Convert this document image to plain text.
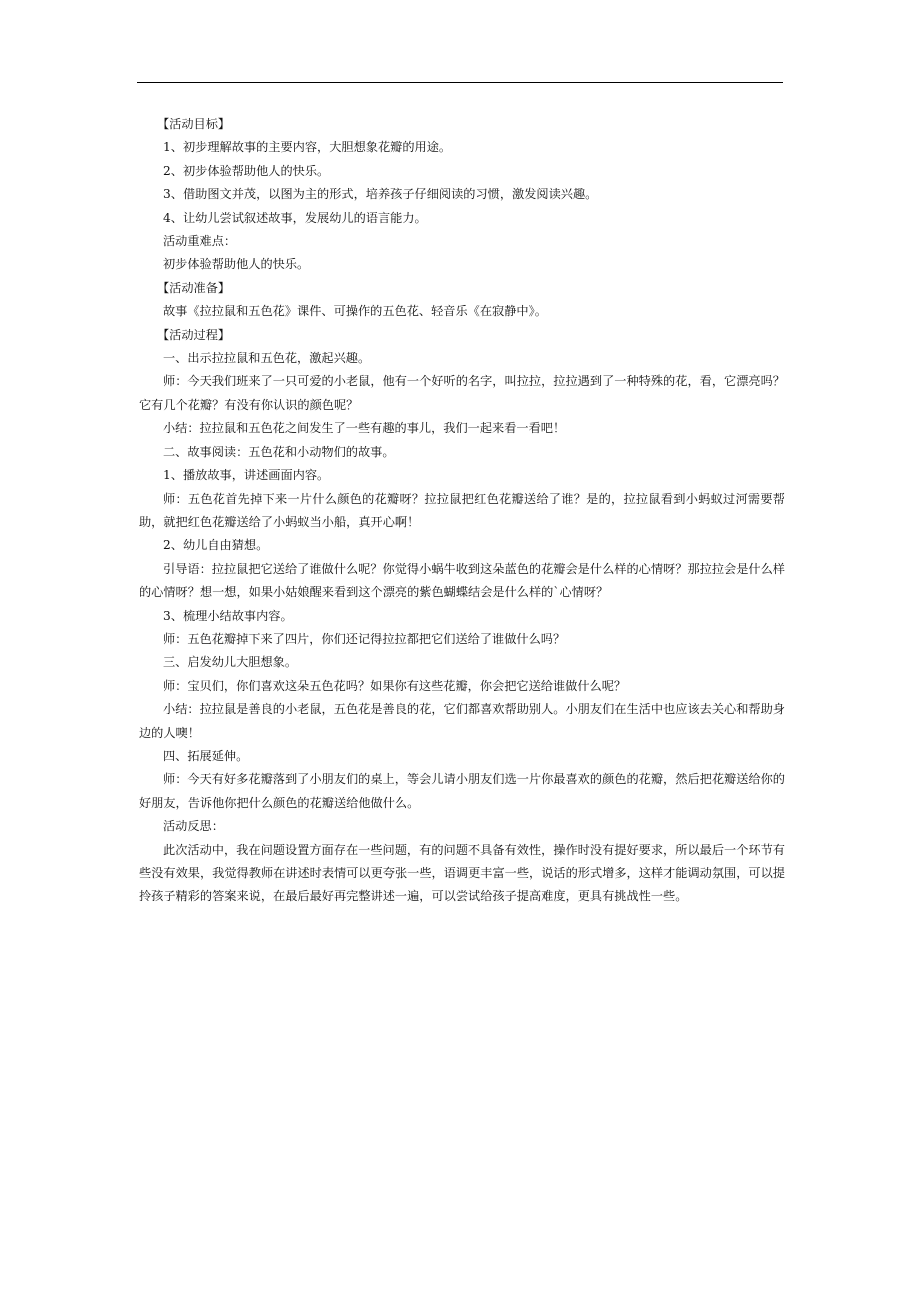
【活动目标】

1、初步理解故事的主要内容，大胆想象花瓣的用途。

2、初步体验帮助他人的快乐。

3、借助图文并茂，以图为主的形式，培养孩子仔细阅读的习惯，激发阅读兴趣。

4、让幼儿尝试叙述故事，发展幼儿的语言能力。

活动重难点：

初步体验帮助他人的快乐。

【活动准备】

故事《拉拉鼠和五色花》课件、可操作的五色花、轻音乐《在寂静中》。

【活动过程】

一、出示拉拉鼠和五色花，激起兴趣。

师：今天我们班来了一只可爱的小老鼠，他有一个好听的名字，叫拉拉，拉拉遇到了一种特殊的花，看，它漂亮吗？它有几个花瓣？有没有你认识的颜色呢？

小结：拉拉鼠和五色花之间发生了一些有趣的事儿，我们一起来看一看吧！

二、故事阅读：五色花和小动物们的故事。

1、播放故事，讲述画面内容。

师：五色花首先掉下来一片什么颜色的花瓣呀？拉拉鼠把红色花瓣送给了谁？是的，拉拉鼠看到小蚂蚁过河需要帮助，就把红色花瓣送给了小蚂蚁当小船，真开心啊！

2、幼儿自由猜想。

引导语：拉拉鼠把它送给了谁做什么呢？你觉得小蜗牛收到这朵蓝色的花瓣会是什么样的心情呀？那拉拉会是什么样的心情呀？想一想，如果小姑娘醒来看到这个漂亮的紫色蝴蝶结会是什么样的`心情呀？

3、梳理小结故事内容。

师：五色花瓣掉下来了四片，你们还记得拉拉都把它们送给了谁做什么吗？

三、启发幼儿大胆想象。

师：宝贝们，你们喜欢这朵五色花吗？如果你有这些花瓣，你会把它送给谁做什么呢？

小结：拉拉鼠是善良的小老鼠，五色花是善良的花，它们都喜欢帮助别人。小朋友们在生活中也应该去关心和帮助身边的人噢！

四、拓展延伸。

师：今天有好多花瓣落到了小朋友们的桌上，等会儿请小朋友们选一片你最喜欢的颜色的花瓣，然后把花瓣送给你的好朋友，告诉他你把什么颜色的花瓣送给他做什么。

活动反思：

此次活动中，我在问题设置方面存在一些问题，有的问题不具备有效性，操作时没有提好要求，所以最后一个环节有些没有效果，我觉得教师在讲述时表情可以更夸张一些，语调更丰富一些，说话的形式增多，这样才能调动氛围，可以提拎孩子精彩的答案来说，在最后最好再完整讲述一遍，可以尝试给孩子提高难度，更具有挑战性一些。
